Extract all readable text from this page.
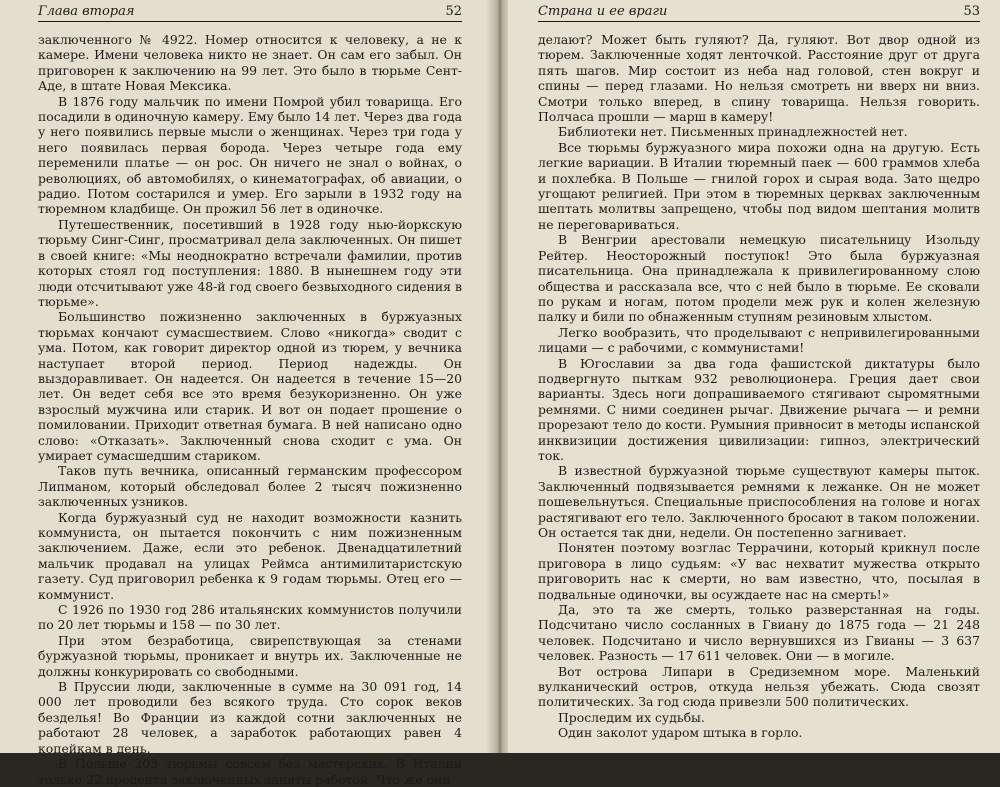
Глава вторая	52

заключенного № 4922. Номер относится к человеку, а не к камере. Имени человека никто не знает. Он сам его забыл. Он приговорен к заключению на 99 лет. Это было в тюрьме Сент-Аде, в штате Новая Мексика.

В 1876 году мальчик по имени Помрой убил товарища. Его посадили в одиночную камеру. Ему было 14 лет. Через два года у него появились первые мысли о женщинах. Через три года у него появилась первая борода. Через четыре года ему переменили платье — он рос. Он ничего не знал о войнах, о революциях, об автомобилях, о кинематографах, об авиации, о радио. Потом состарился и умер. Его зарыли в 1932 году на тюремном кладбище. Он прожил 56 лет в одиночке.

Путешественник, посетивший в 1928 году нью-йоркскую тюрьму Синг-Синг, просматривал дела заключенных. Он пишет в своей книге: «Мы неоднократно встречали фамилии, против которых стоял год поступления: 1880. В нынешнем году эти люди отсчитывают уже 48-й год своего безвыходного сидения в тюрьме».

Большинство пожизненно заключенных в буржуазных тюрьмах кончают сумасшествием. Слово «никогда» сводит с ума. Потом, как говорит директор одной из тюрем, у вечника наступает второй период. Период надежды. Он выздоравливает. Он надеется. Он надеется в течение 15—20 лет. Он ведет себя все это время безукоризненно. Он уже взрослый мужчина или старик. И вот он подает прошение о помиловании. Приходит ответная бумага. В ней написано одно слово: «Отказать». Заключенный снова сходит с ума. Он умирает сумасшедшим стариком.

Таков путь вечника, описанный германским профессором Липманом, который обследовал более 2 тысяч пожизненно заключенных узников.

Когда буржуазный суд не находит возможности казнить коммуниста, он пытается покончить с ним пожизненным заключением. Даже, если это ребенок. Двенадцатилетний мальчик продавал на улицах Реймса антимилитаристскую газету. Суд приговорил ребенка к 9 годам тюрьмы. Отец его — коммунист.

С 1926 по 1930 год 286 итальянских коммунистов получили по 20 лет тюрьмы и 158 — по 30 лет.

При этом безработица, свирепствующая за стенами буржуазной тюрьмы, проникает и внутрь их. Заключенные не должны конкурировать со свободными.

В Пруссии люди, заключенные в сумме на 30 091 год, 14 000 лет проводили без всякого труда. Сто сорок веков безделья! Во Франции из каждой сотни заключенных не работают 28 человек, а заработок работающих равен 4 копейкам в день.

В Польше 203 тюрьмы совсем без мастерских. В Италии только 22 процента заключенных заняты работой. Что же они

Страна и ее враги	53

делают? Может быть гуляют? Да, гуляют. Вот двор одной из тюрем. Заключенные ходят ленточкой. Расстояние друг от друга пять шагов. Мир состоит из неба над головой, стен вокруг и спины — перед глазами. Но нельзя смотреть ни вверх ни вниз. Смотри только вперед, в спину товарища. Нельзя говорить. Полчаса прошли — марш в камеру!

Библиотеки нет. Письменных принадлежностей нет.

Все тюрьмы буржуазного мира похожи одна на другую. Есть легкие вариации. В Италии тюремный паек — 600 граммов хлеба и похлебка. В Польше — гнилой горох и сырая вода. Зато щедро угощают религией. При этом в тюремных церквах заключенным шептать молитвы запрещено, чтобы под видом шептания молитв не переговариваться.

В Венгрии арестовали немецкую писательницу Изольду Рейтер. Неосторожный поступок! Это была буржуазная писательница. Она принадлежала к привилегированному слою общества и рассказала все, что с ней было в тюрьме. Ее сковали по рукам и ногам, потом продели меж рук и колен железную палку и били по обнаженным ступням резиновым хлыстом.

Легко вообразить, что проделывают с непривилегированными лицами — с рабочими, с коммунистами!

В Югославии за два года фашистской диктатуры было подвергнуто пыткам 932 революционера. Греция дает свои варианты. Здесь ноги допрашиваемого стягивают сыромятными ремнями. С ними соединен рычаг. Движение рычага — и ремни прорезают тело до кости. Румыния привносит в методы испанской инквизиции достижения цивилизации: гипноз, электрический ток.

В известной буржуазной тюрьме существуют камеры пыток. Заключенный подвязывается ремнями к лежанке. Он не может пошевельнуться. Специальные приспособления на голове и ногах растягивают его тело. Заключенного бросают в таком положении. Он остается так дни, недели. Он постепенно загнивает.

Понятен поэтому возглас Террачини, который крикнул после приговора в лицо судьям: «У вас нехватит мужества открыто приговорить нас к смерти, но вам известно, что, посылая в подвальные одиночки, вы осуждаете нас на смерть!»

Да, это та же смерть, только разверстанная на годы. Подсчитано число сосланных в Гвиану до 1875 года — 21 248 человек. Подсчитано и число вернувшихся из Гвианы — 3 637 человек. Разность — 17 611 человек. Они — в могиле.

Вот острова Липари в Средиземном море. Маленький вулканический остров, откуда нельзя убежать. Сюда свозят политических. За год сюда привезли 500 политических.

Проследим их судьбы.

Один заколот ударом штыка в горло.
